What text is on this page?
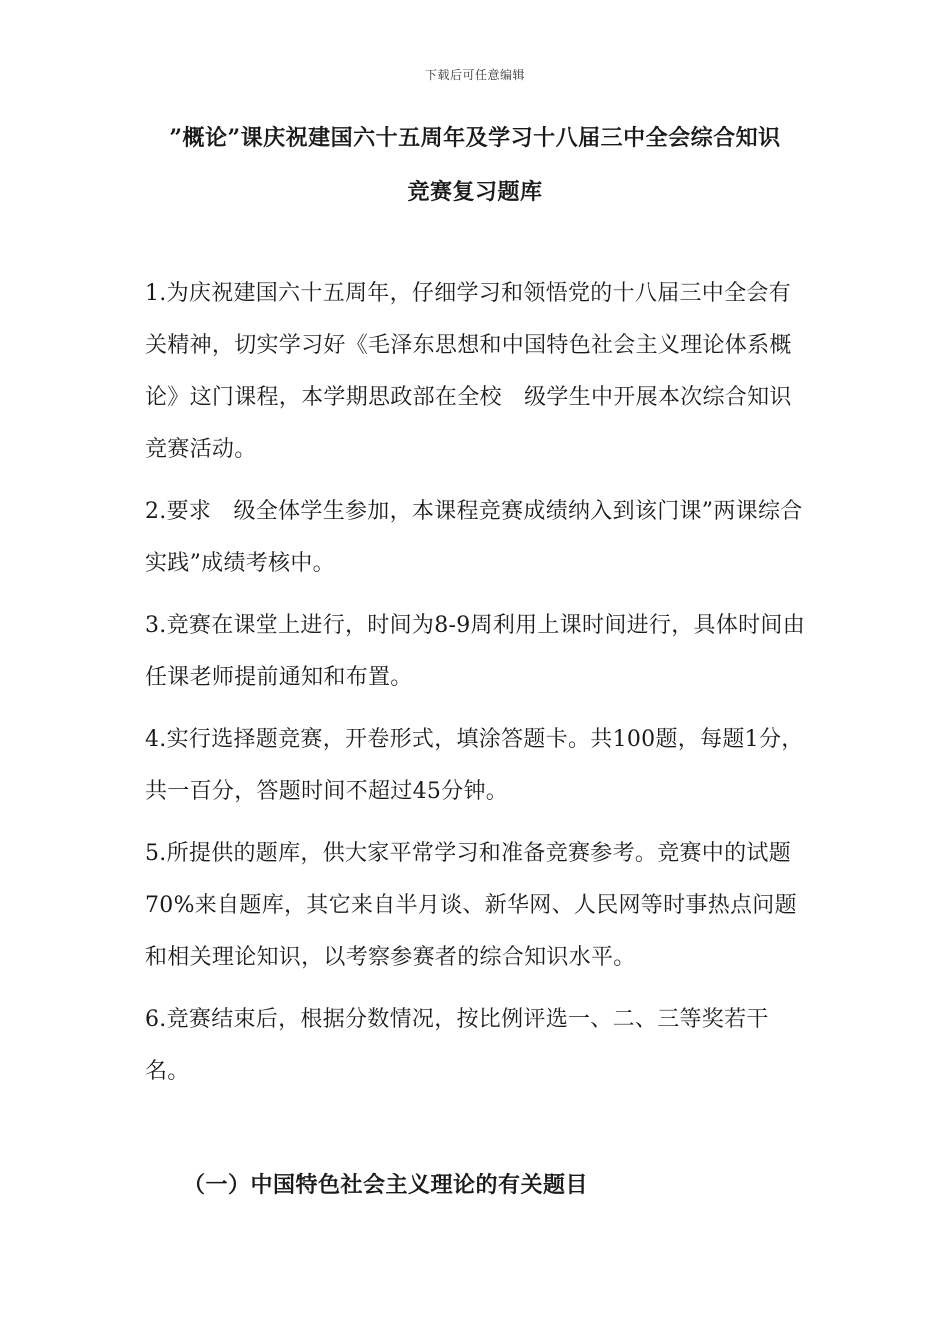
下载后可任意编辑
”概论”课庆祝建国六十五周年及学习十八届三中全会综合知识
竞赛复习题库

1.为庆祝建国六十五周年，仔细学习和领悟党的十八届三中全会有关精神，切实学习好《毛泽东思想和中国特色社会主义理论体系概论》这门课程，本学期思政部在全校　级学生中开展本次综合知识竞赛活动。

2.要求　级全体学生参加，本课程竞赛成绩纳入到该门课”两课综合实践”成绩考核中。

3.竞赛在课堂上进行，时间为8-9周利用上课时间进行，具体时间由任课老师提前通知和布置。

4.实行选择题竞赛，开卷形式，填涂答题卡。共100题，每题1分，共一百分，答题时间不超过45分钟。

5.所提供的题库，供大家平常学习和准备竞赛参考。竞赛中的试题70%来自题库，其它来自半月谈、新华网、人民网等时事热点问题和相关理论知识，以考察参赛者的综合知识水平。

6.竞赛结束后，根据分数情况，按比例评选一、二、三等奖若干名。

（一）中国特色社会主义理论的有关题目
